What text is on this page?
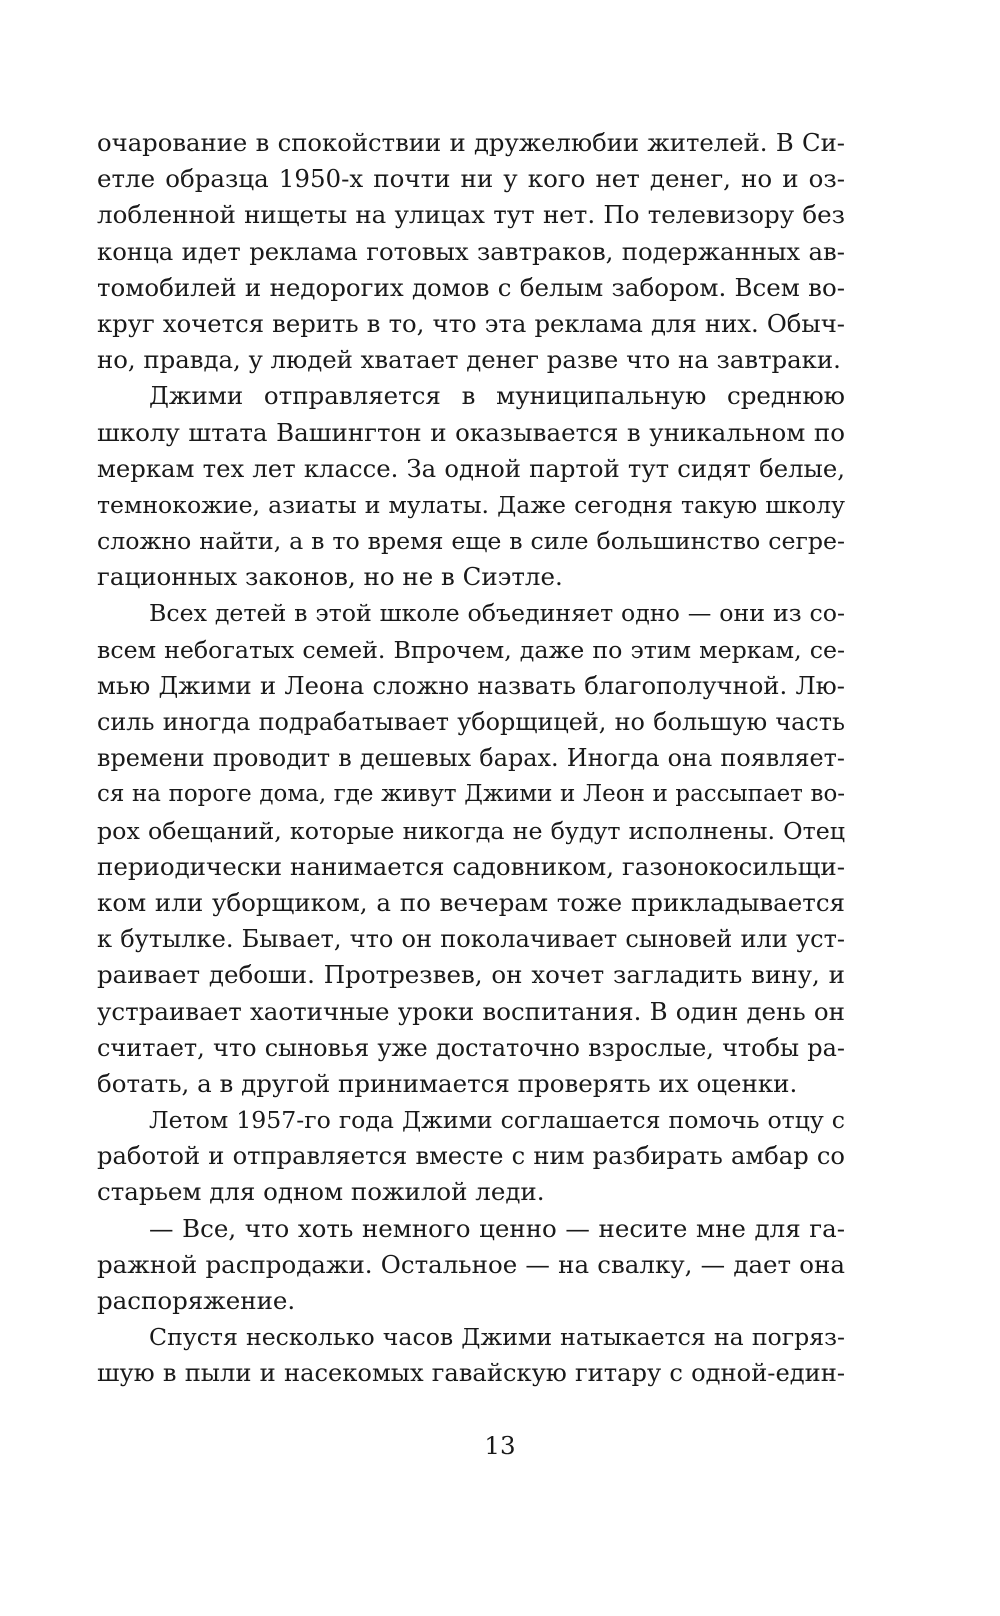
очарование в спокойствии и дружелюбии жителей. В Си-
етле образца 1950-х почти ни у кого нет денег, но и оз-
лобленной нищеты на улицах тут нет. По телевизору без
конца идет реклама готовых завтраков, подержанных ав-
томобилей и недорогих домов с белым забором. Всем во-
круг хочется верить в то, что эта реклама для них. Обыч-
но, правда, у людей хватает денег разве что на завтраки.
Джими отправляется в муниципальную среднюю
школу штата Вашингтон и оказывается в уникальном по
меркам тех лет классе. За одной партой тут сидят белые,
темнокожие, азиаты и мулаты. Даже сегодня такую школу
сложно найти, а в то время еще в силе большинство сегре-
гационных законов, но не в Сиэтле.
Всех детей в этой школе объединяет одно — они из со-
всем небогатых семей. Впрочем, даже по этим меркам, се-
мью Джими и Леона сложно назвать благополучной. Лю-
силь иногда подрабатывает уборщицей, но большую часть
времени проводит в дешевых барах. Иногда она появляет-
ся на пороге дома, где живут Джими и Леон и рассыпает во-
рох обещаний, которые никогда не будут исполнены. Отец
периодически нанимается садовником, газонокосильщи-
ком или уборщиком, а по вечерам тоже прикладывается
к бутылке. Бывает, что он поколачивает сыновей или уст-
раивает дебоши. Протрезвев, он хочет загладить вину, и
устраивает хаотичные уроки воспитания. В один день он
считает, что сыновья уже достаточно взрослые, чтобы ра-
ботать, а в другой принимается проверять их оценки.
Летом 1957-го года Джими соглашается помочь отцу с
работой и отправляется вместе с ним разбирать амбар со
старьем для одном пожилой леди.
— Все, что хоть немного ценно — несите мне для га-
ражной распродажи. Остальное — на свалку, — дает она
распоряжение.
Спустя несколько часов Джими натыкается на погряз-
шую в пыли и насекомых гавайскую гитару с одной-един-
13
